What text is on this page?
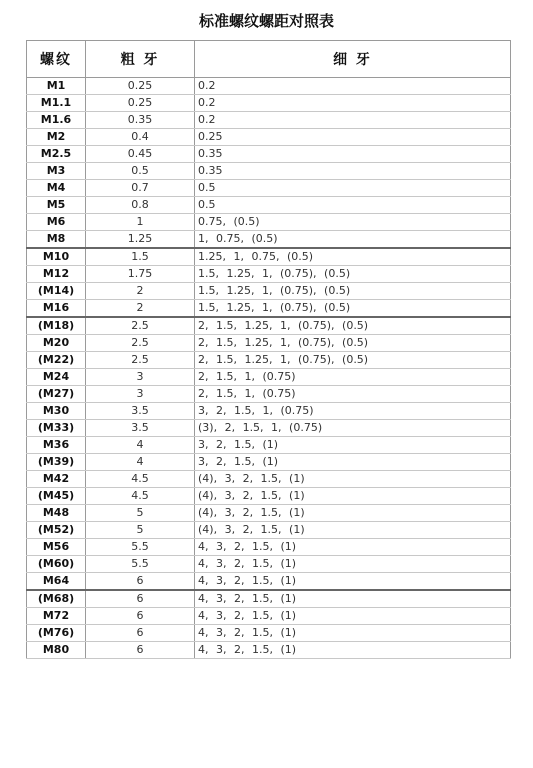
标准螺纹螺距对照表
螺纹	粗 牙	细 牙
M1	0.25	0.2
M1.1	0.25	0.2
M1.6	0.35	0.2
M2	0.4	0.25
M2.5	0.45	0.35
M3	0.5	0.35
M4	0.7	0.5
M5	0.8	0.5
M6	1	0.75, (0.5)
M8	1.25	1, 0.75, (0.5)
M10	1.5	1.25, 1, 0.75, (0.5)
M12	1.75	1.5, 1.25, 1, (0.75), (0.5)
(M14)	2	1.5, 1.25, 1, (0.75), (0.5)
M16	2	1.5, 1.25, 1, (0.75), (0.5)
(M18)	2.5	2, 1.5, 1.25, 1, (0.75), (0.5)
M20	2.5	2, 1.5, 1.25, 1, (0.75), (0.5)
(M22)	2.5	2, 1.5, 1.25, 1, (0.75), (0.5)
M24	3	2, 1.5, 1, (0.75)
(M27)	3	2, 1.5, 1, (0.75)
M30	3.5	3, 2, 1.5, 1, (0.75)
(M33)	3.5	(3), 2, 1.5, 1, (0.75)
M36	4	3, 2, 1.5, (1)
(M39)	4	3, 2, 1.5, (1)
M42	4.5	(4), 3, 2, 1.5, (1)
(M45)	4.5	(4), 3, 2, 1.5, (1)
M48	5	(4), 3, 2, 1.5, (1)
(M52)	5	(4), 3, 2, 1.5, (1)
M56	5.5	4, 3, 2, 1.5, (1)
(M60)	5.5	4, 3, 2, 1.5, (1)
M64	6	4, 3, 2, 1.5, (1)
(M68)	6	4, 3, 2, 1.5, (1)
M72	6	4, 3, 2, 1.5, (1)
(M76)	6	4, 3, 2, 1.5, (1)
M80	6	4, 3, 2, 1.5, (1)
